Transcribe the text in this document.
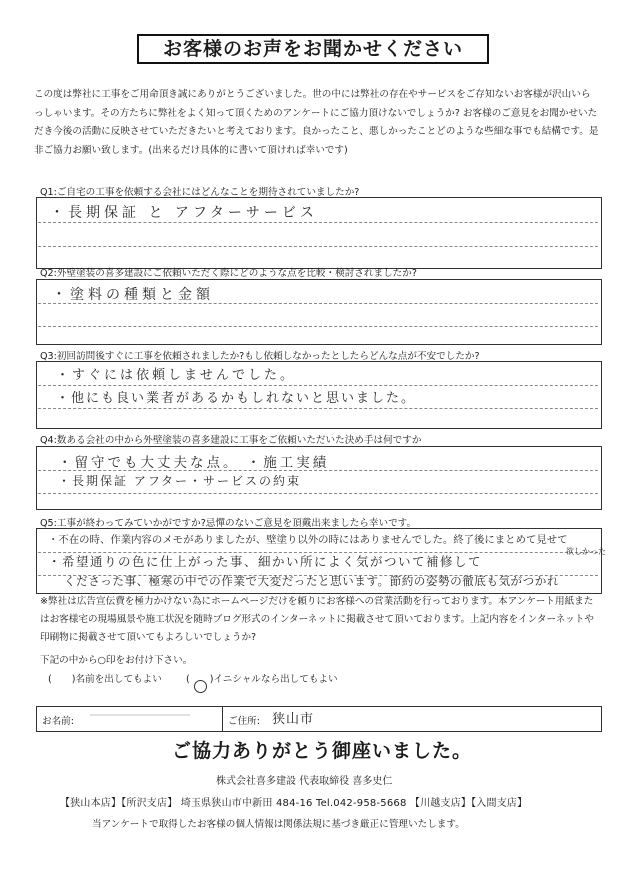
お客様のお声をお聞かせください
この度は弊社に工事をご用命頂き誠にありがとうございました。世の中には弊社の存在やサービスをご存知ないお客様が沢山いらっしゃいます。その方たちに弊社をよく知って頂くためのアンケートにご協力頂けないでしょうか? お客様のご意見をお聞かせいただき今後の活動に反映させていただきたいと考えております。良かったこと、悪しかったことどのような些細な事でも結構です。是非ご協力お願い致します。(出来るだけ具体的に書いて頂ければ幸いです)
Q1:ご自宅の工事を依頼する会社にはどんなことを期待されていましたか?
・長期保証 と アフターサービス
Q2:外壁塗装の喜多建設にご依頼いただく際にどのような点を比較・検討されましたか?
・塗料の種類と金額
Q3:初回訪問後すぐに工事を依頼されましたか?もし依頼しなかったとしたらどんな点が不安でしたか?
・すぐには依頼しませんでした。
・他にも良い業者があるかもしれないと思いました。
Q4:数ある会社の中から外壁塗装の喜多建設に工事をご依頼いただいた決め手は何ですか
・留守でも大丈夫な点。 ・施工実績
・長期保証 アフター・サービスの約束
Q5:工事が終わってみていかがですか?忌憚のないご意見を頂戴出来ましたら幸いです。
・不在の時、作業内容のメモがありましたが、壁塗り以外の時にはありませんでした。終了後にまとめて見せて
・希望通りの色に仕上がった事、細かい所によく気がついて補修して
くださった事、極寒の中での作業で大変だったと思います。節約の姿勢の徹底も気がつかれ
欲しかった
※弊社は広告宣伝費を極力かけない為にホームページだけを頼りにお客様への営業活動を行っております。本アンケート用紙またはお客様宅の現場風景や施工状況を随時ブログ形式のインターネットに掲載させて頂いております。上記内容をインターネットや印刷物に掲載させて頂いてもよろしいでしょうか?
下記の中から○印をお付け下さい。
( )名前を出してもよい	( )イニシャルなら出してもよい
お名前:	ご住所: 狭山市
ご協力ありがとう御座いました。
株式会社喜多建設 代表取締役 喜多史仁
【狭山本店】【所沢支店】 埼玉県狭山市中新田 484-16 Tel.042-958-5668 【川越支店】【入間支店】
当アンケートで取得したお客様の個人情報は関係法規に基づき厳正に管理いたします。
